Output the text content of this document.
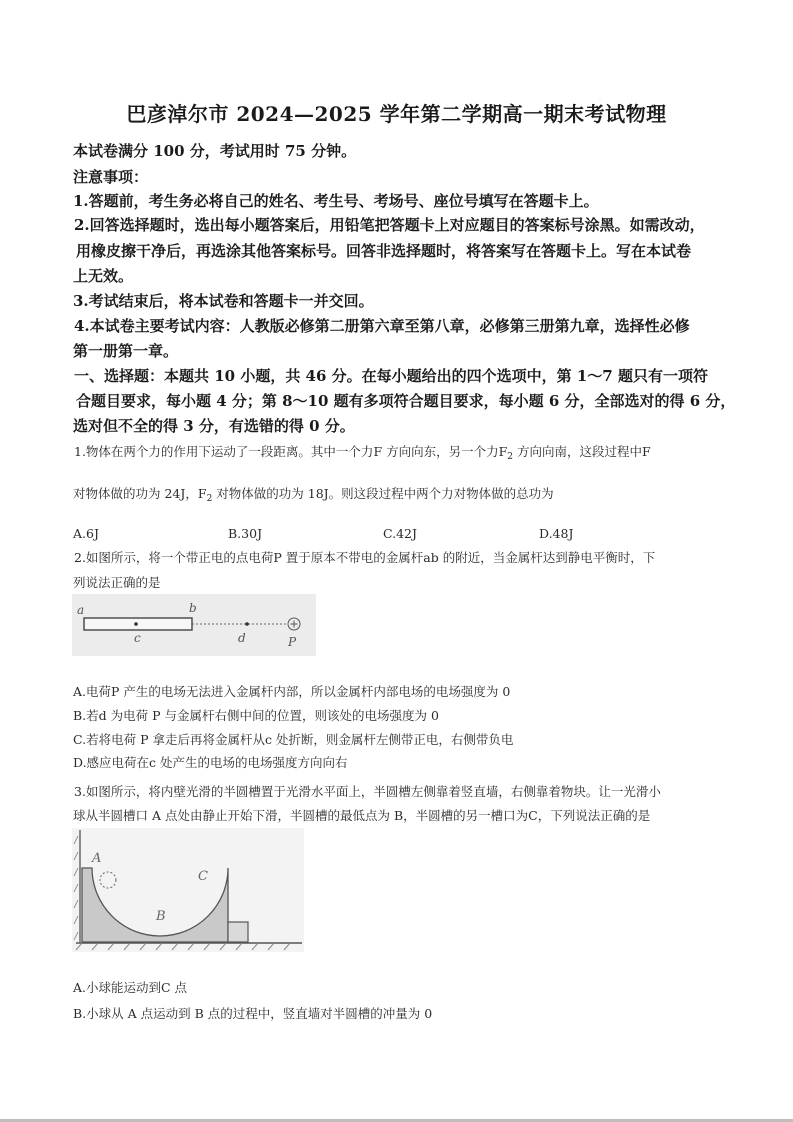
巴彦淖尔市 2024—2025 学年第二学期高一期末考试物理
本试卷满分 100 分，考试用时 75 分钟。
注意事项：
1.答题前，考生务必将自己的姓名、考生号、考场号、座位号填写在答题卡上。
2.回答选择题时，选出每小题答案后，用铅笔把答题卡上对应题目的答案标号涂黑。如需改动，
用橡皮擦干净后，再选涂其他答案标号。回答非选择题时，将答案写在答题卡上。写在本试卷
上无效。
3.考试结束后，将本试卷和答题卡一并交回。
4.本试卷主要考试内容：人教版必修第二册第六章至第八章，必修第三册第九章，选择性必修
第一册第一章。
一、选择题：本题共 10 小题，共 46 分。在每小题给出的四个选项中，第 1～7 题只有一项符
合题目要求，每小题 4 分；第 8～10 题有多项符合题目要求，每小题 6 分，全部选对的得 6 分，
选对但不全的得 3 分，有选错的得 0 分。
1.物体在两个力的作用下运动了一段距离。其中一个力F 方向向东，另一个力$F_2$ 方向向南，这段过程中F
对物体做的功为 24J，$F_2$ 对物体做的功为 18J。则这段过程中两个力对物体做的总功为
A.6J	B.30J	C.42J	D.48J
2.如图所示，将一个带正电的点电荷P 置于原本不带电的金属杆ab 的附近，当金属杆达到静电平衡时，下
列说法正确的是
a	b
c	d	P
A.电荷P 产生的电场无法进入金属杆内部，所以金属杆内部电场的电场强度为 0
B.若d 为电荷 P 与金属杆右侧中间的位置，则该处的电场强度为 0
C.若将电荷 P 拿走后再将金属杆从c 处折断，则金属杆左侧带正电，右侧带负电
D.感应电荷在c 处产生的电场的电场强度方向向右
3.如图所示，将内壁光滑的半圆槽置于光滑水平面上，半圆槽左侧靠着竖直墙，右侧靠着物块。让一光滑小
球从半圆槽口 A 点处由静止开始下滑，半圆槽的最低点为 B，半圆槽的另一槽口为C，下列说法正确的是
A
B
C
A.小球能运动到C 点
B.小球从 A 点运动到 B 点的过程中，竖直墙对半圆槽的冲量为 0
